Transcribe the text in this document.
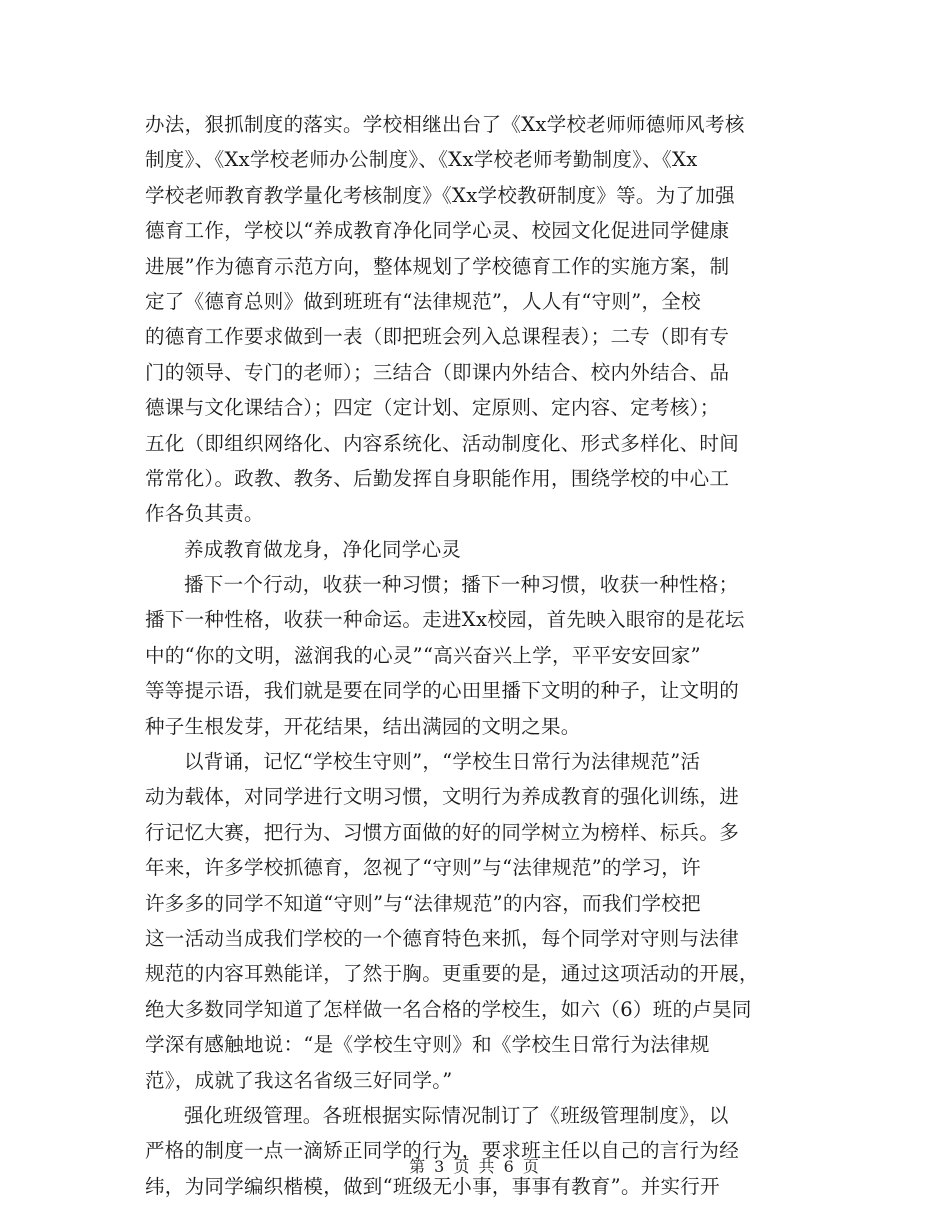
办法，狠抓制度的落实。学校相继出台了《Xx学校老师师德师风考核
制度》、《Xx学校老师办公制度》、《Xx学校老师考勤制度》、《Xx
学校老师教育教学量化考核制度》《Xx学校教研制度》等。为了加强
德育工作，学校以“养成教育净化同学心灵、校园文化促进同学健康
进展”作为德育示范方向，整体规划了学校德育工作的实施方案，制
定了《德育总则》做到班班有“法律规范”，人人有“守则”，全校
的德育工作要求做到一表（即把班会列入总课程表）；二专（即有专
门的领导、专门的老师）；三结合（即课内外结合、校内外结合、品
德课与文化课结合）；四定（定计划、定原则、定内容、定考核）；
五化（即组织网络化、内容系统化、活动制度化、形式多样化、时间
常常化）。政教、教务、后勤发挥自身职能作用，围绕学校的中心工
作各负其责。
养成教育做龙身，净化同学心灵
播下一个行动，收获一种习惯；播下一种习惯，收获一种性格；
播下一种性格，收获一种命运。走进Xx校园，首先映入眼帘的是花坛
中的“你的文明，滋润我的心灵”“高兴奋兴上学，平平安安回家”
等等提示语，我们就是要在同学的心田里播下文明的种子，让文明的
种子生根发芽，开花结果，结出满园的文明之果。
以背诵，记忆“学校生守则”，“学校生日常行为法律规范”活
动为载体，对同学进行文明习惯，文明行为养成教育的强化训练，进
行记忆大赛，把行为、习惯方面做的好的同学树立为榜样、标兵。多
年来，许多学校抓德育，忽视了“守则”与“法律规范”的学习，许
许多多的同学不知道“守则”与“法律规范”的内容，而我们学校把
这一活动当成我们学校的一个德育特色来抓，每个同学对守则与法律
规范的内容耳熟能详，了然于胸。更重要的是，通过这项活动的开展，
绝大多数同学知道了怎样做一名合格的学校生，如六（6）班的卢昊同
学深有感触地说：“是《学校生守则》和《学校生日常行为法律规
范》，成就了我这名省级三好同学。”
强化班级管理。各班根据实际情况制订了《班级管理制度》，以
严格的制度一点一滴矫正同学的行为，要求班主任以自己的言行为经
纬，为同学编织楷模，做到“班级无小事，事事有教育”。并实行开
第 3 页 共 6 页
